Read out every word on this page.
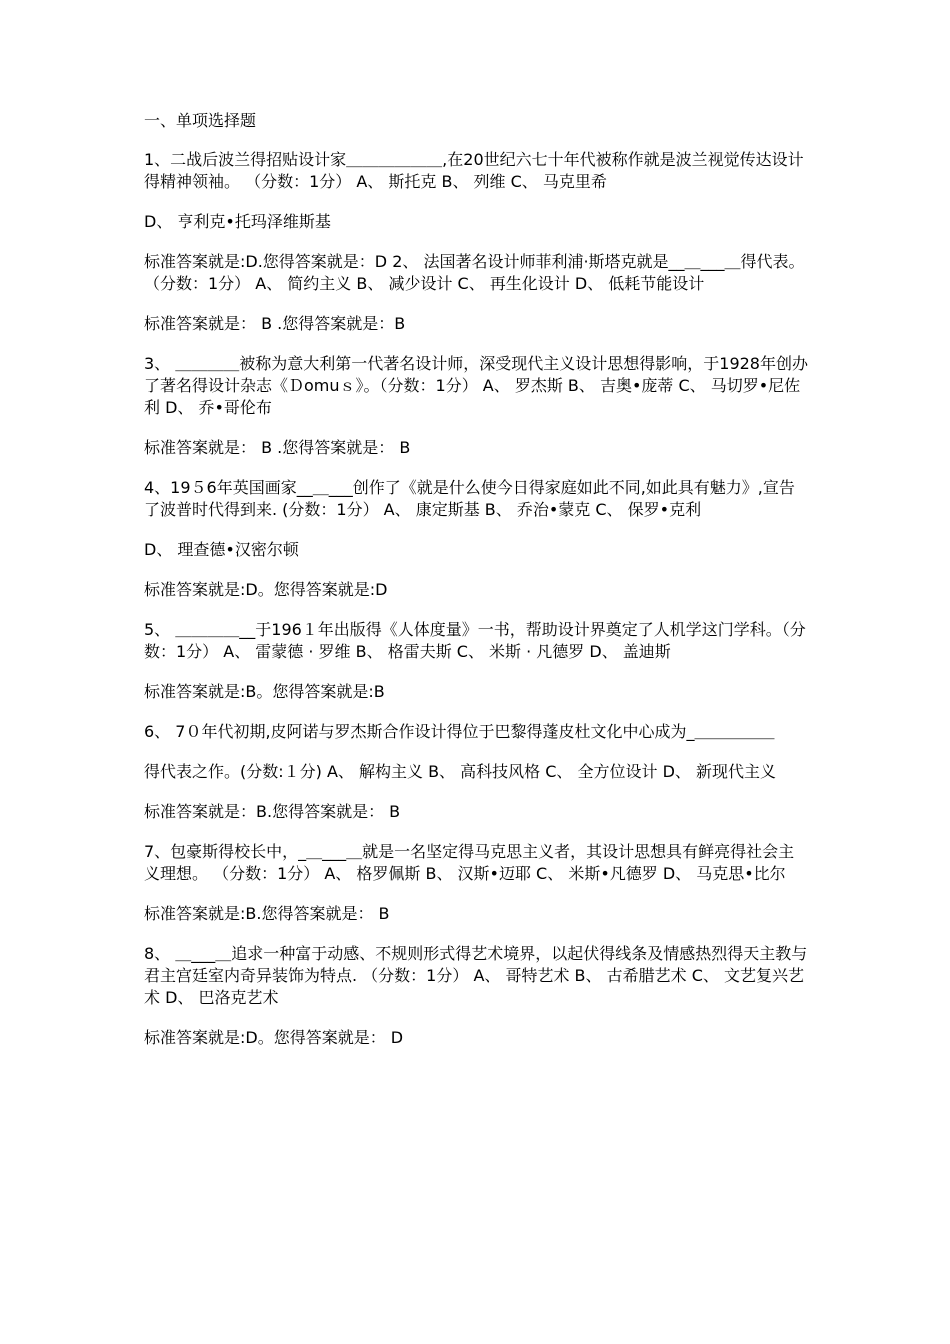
一、单项选择题
1、二战后波兰得招贴设计家＿＿＿＿＿＿,在20世纪六七十年代被称作就是波兰视觉传达设计得精神领袖。 （分数：1分） A、 斯托克 B、 列维 C、 马克里希
D、 亨利克•托玛泽维斯基
标准答案就是:D.您得答案就是：D 2、 法国著名设计师菲利浦·斯塔克就是__＿___＿得代表。 （分数：1分） A、 简约主义 B、 减少设计 C、 再生化设计 D、 低耗节能设计
标准答案就是： B .您得答案就是：B
3、 ＿＿＿＿被称为意大利第一代著名设计师，深受现代主义设计思想得影响，于1928年创办了著名得设计杂志《Ｄomuｓ》。（分数：1分） A、 罗杰斯 B、 吉奥•庞蒂 C、 马切罗•尼佐利 D、 乔•哥伦布
标准答案就是： B .您得答案就是： B
4、19５6年英国画家__＿___创作了《就是什么使今日得家庭如此不同,如此具有魅力》,宣告了波普时代得到来. (分数：1分） A、 康定斯基 B、 乔治•蒙克 C、 保罗•克利
D、 理查德•汉密尔顿
标准答案就是:D。您得答案就是:D
5、 ＿＿＿＿__于196１年出版得《人体度量》一书，帮助设计界奠定了人机学这门学科。（分数：1分） A、 雷蒙德 · 罗维 B、 格雷夫斯 C、 米斯 · 凡德罗 D、 盖迪斯
标准答案就是:B。您得答案就是:B
6、 7０年代初期,皮阿诺与罗杰斯合作设计得位于巴黎得蓬皮杜文化中心成为_＿＿＿＿＿
得代表之作。(分数:１分) A、 解构主义 B、 高科技风格 C、 全方位设计 D、 新现代主义
标准答案就是：B.您得答案就是： B
7、包豪斯得校长中，_＿___＿就是一名坚定得马克思主义者，其设计思想具有鲜亮得社会主义理想。 （分数：1分） A、 格罗佩斯 B、 汉斯•迈耶 C、 米斯•凡德罗 D、 马克思•比尔
标准答案就是:B.您得答案就是： B
8、 ＿___＿追求一种富于动感、不规则形式得艺术境界，以起伏得线条及情感热烈得天主教与君主宫廷室内奇异装饰为特点. （分数：1分） A、 哥特艺术 B、 古希腊艺术 C、 文艺复兴艺术 D、 巴洛克艺术
标准答案就是:D。您得答案就是： D
